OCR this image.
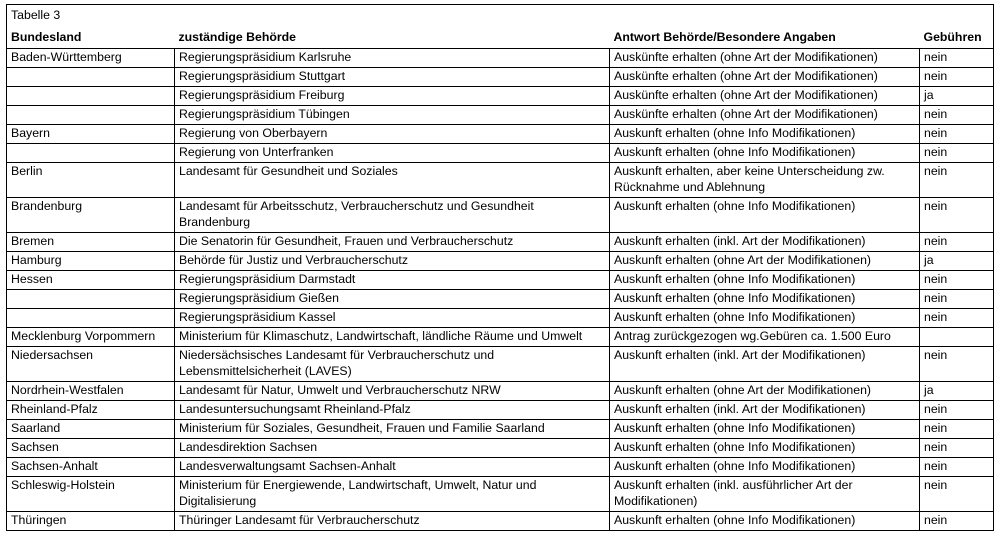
Tabelle 3			
Bundesland	zuständige Behörde	Antwort Behörde/Besondere Angaben	Gebühren
Baden-Württemberg	Regierungspräsidium Karlsruhe	Auskünfte erhalten (ohne Art der Modifikationen)	nein
	Regierungspräsidium Stuttgart	Auskünfte erhalten (ohne Art der Modifikationen)	nein
	Regierungspräsidium Freiburg	Auskünfte erhalten (ohne Art der Modifikationen)	ja
	Regierungspräsidium Tübingen	Auskünfte erhalten (ohne Art der Modifikationen)	nein
Bayern	Regierung von Oberbayern	Auskunft erhalten (ohne Info Modifikationen)	nein
	Regierung von Unterfranken	Auskunft erhalten (ohne Info Modifikationen)	nein
Berlin	Landesamt für Gesundheit und Soziales	Auskunft erhalten, aber keine Unterscheidung zw. Rücknahme und Ablehnung	nein
Brandenburg	Landesamt für Arbeitsschutz, Verbraucherschutz und Gesundheit Brandenburg	Auskunft erhalten (ohne Info Modifikationen)	nein
Bremen	Die Senatorin für Gesundheit, Frauen und Verbraucherschutz	Auskunft erhalten (inkl. Art der Modifikationen)	nein
Hamburg	Behörde für Justiz und Verbraucherschutz	Auskunft erhalten (ohne Art der Modifikationen)	ja
Hessen	Regierungspräsidium Darmstadt	Auskunft erhalten (ohne Info Modifikationen)	nein
	Regierungspräsidium Gießen	Auskunft erhalten (ohne Info Modifikationen)	nein
	Regierungspräsidium Kassel	Auskunft erhalten (ohne Info Modifikationen)	nein
Mecklenburg Vorpommern	Ministerium für Klimaschutz, Landwirtschaft, ländliche Räume und Umwelt	Antrag zurückgezogen wg.Gebüren ca. 1.500 Euro	
Niedersachsen	Niedersächsisches Landesamt für Verbraucherschutz und Lebensmittelsicherheit (LAVES)	Auskunft erhalten (inkl. Art der Modifikationen)	nein
Nordrhein-Westfalen	Landesamt für Natur, Umwelt und Verbraucherschutz NRW	Auskunft erhalten (ohne Art der Modifikationen)	ja
Rheinland-Pfalz	Landesuntersuchungsamt Rheinland-Pfalz	Auskunft erhalten (inkl. Art der Modifikationen)	nein
Saarland	Ministerium für Soziales, Gesundheit, Frauen und Familie Saarland	Auskunft erhalten (ohne Info Modifikationen)	nein
Sachsen	Landesdirektion Sachsen	Auskunft erhalten (ohne Info Modifikationen)	nein
Sachsen-Anhalt	Landesverwaltungsamt Sachsen-Anhalt	Auskunft erhalten (ohne Info Modifikationen)	nein
Schleswig-Holstein	Ministerium für Energiewende, Landwirtschaft, Umwelt, Natur und Digitalisierung	Auskunft erhalten (inkl. ausführlicher Art der Modifikationen)	nein
Thüringen	Thüringer Landesamt für Verbraucherschutz	Auskunft erhalten (ohne Info Modifikationen)	nein
